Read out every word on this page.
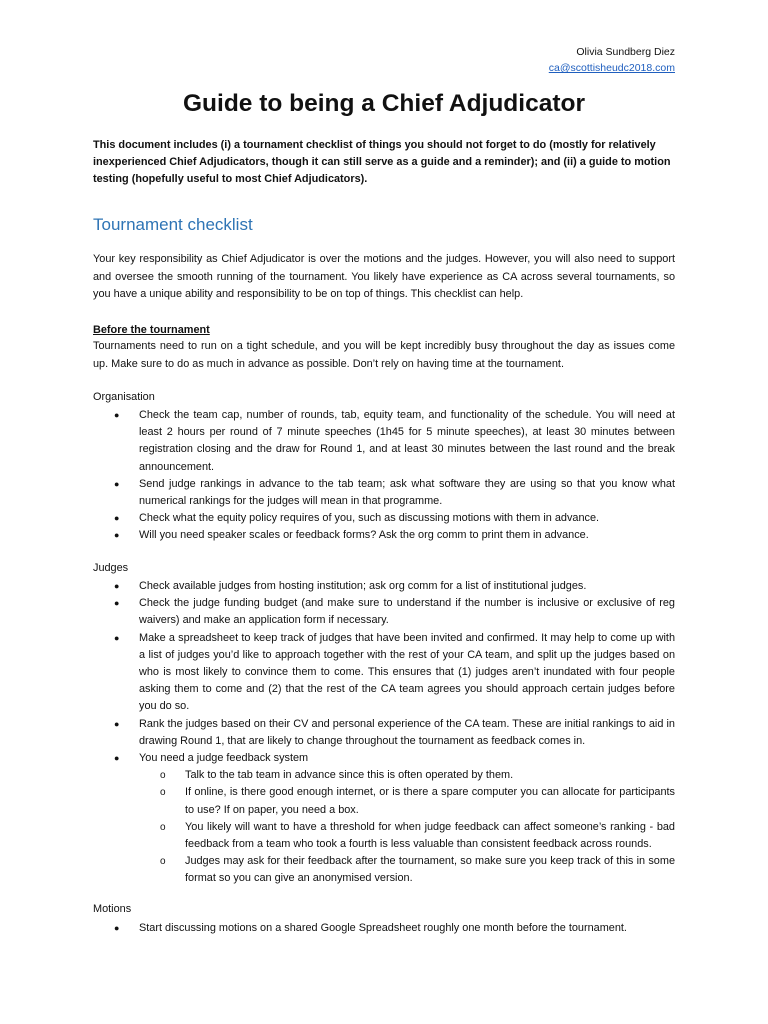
Olivia Sundberg Diez
ca@scottisheudc2018.com
Guide to being a Chief Adjudicator

This document includes (i) a tournament checklist of things you should not forget to do (mostly for relatively inexperienced Chief Adjudicators, though it can still serve as a guide and a reminder); and (ii) a guide to motion testing (hopefully useful to most Chief Adjudicators).

Tournament checklist

Your key responsibility as Chief Adjudicator is over the motions and the judges. However, you will also need to support and oversee the smooth running of the tournament. You likely have experience as CA across several tournaments, so you have a unique ability and responsibility to be on top of things. This checklist can help.

Before the tournament

Tournaments need to run on a tight schedule, and you will be kept incredibly busy throughout the day as issues come up. Make sure to do as much in advance as possible. Don’t rely on having time at the tournament.

Organisation

● Check the team cap, number of rounds, tab, equity team, and functionality of the schedule. You will need at least 2 hours per round of 7 minute speeches (1h45 for 5 minute speeches), at least 30 minutes between registration closing and the draw for Round 1, and at least 30 minutes between the last round and the break announcement.
● Send judge rankings in advance to the tab team; ask what software they are using so that you know what numerical rankings for the judges will mean in that programme.
● Check what the equity policy requires of you, such as discussing motions with them in advance.
● Will you need speaker scales or feedback forms? Ask the org comm to print them in advance.

Judges

● Check available judges from hosting institution; ask org comm for a list of institutional judges.
● Check the judge funding budget (and make sure to understand if the number is inclusive or exclusive of reg waivers) and make an application form if necessary.
● Make a spreadsheet to keep track of judges that have been invited and confirmed. It may help to come up with a list of judges you’d like to approach together with the rest of your CA team, and split up the judges based on who is most likely to convince them to come. This ensures that (1) judges aren’t inundated with four people asking them to come and (2) that the rest of the CA team agrees you should approach certain judges before you do so.
● Rank the judges based on their CV and personal experience of the CA team. These are initial rankings to aid in drawing Round 1, that are likely to change throughout the tournament as feedback comes in.
● You need a judge feedback system
o Talk to the tab team in advance since this is often operated by them.
o If online, is there good enough internet, or is there a spare computer you can allocate for participants to use? If on paper, you need a box.
o You likely will want to have a threshold for when judge feedback can affect someone’s ranking - bad feedback from a team who took a fourth is less valuable than consistent feedback across rounds.
o Judges may ask for their feedback after the tournament, so make sure you keep track of this in some format so you can give an anonymised version.

Motions

● Start discussing motions on a shared Google Spreadsheet roughly one month before the tournament.
